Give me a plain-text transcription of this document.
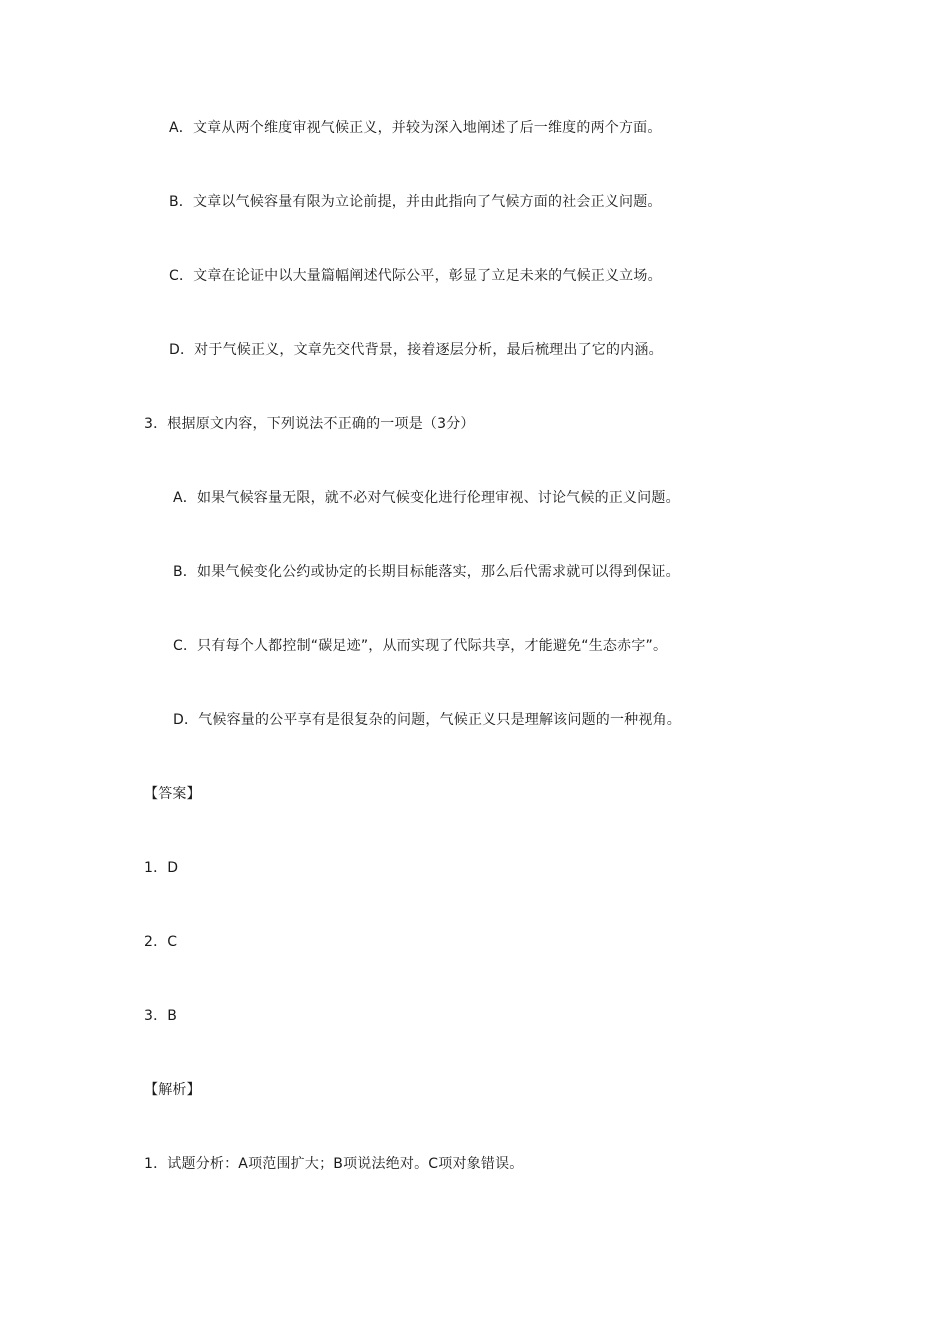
A．文章从两个维度审视气候正义，并较为深入地阐述了后一维度的两个方面。
B．文章以气候容量有限为立论前提，并由此指向了气候方面的社会正义问题。
C．文章在论证中以大量篇幅阐述代际公平，彰显了立足未来的气候正义立场。
D．对于气候正义，文章先交代背景，接着逐层分析，最后梳理出了它的内涵。
3．根据原文内容，下列说法不正确的一项是（3分）
A．如果气候容量无限，就不必对气候变化进行伦理审视、讨论气候的正义问题。
B．如果气候变化公约或协定的长期目标能落实，那么后代需求就可以得到保证。
C．只有每个人都控制“碳足迹”，从而实现了代际共享，才能避免“生态赤字”。
D．气候容量的公平享有是很复杂的问题，气候正义只是理解该问题的一种视角。
【答案】
1．D
2．C
3．B
【解析】
1．试题分析：A项范围扩大；B项说法绝对。C项对象错误。
